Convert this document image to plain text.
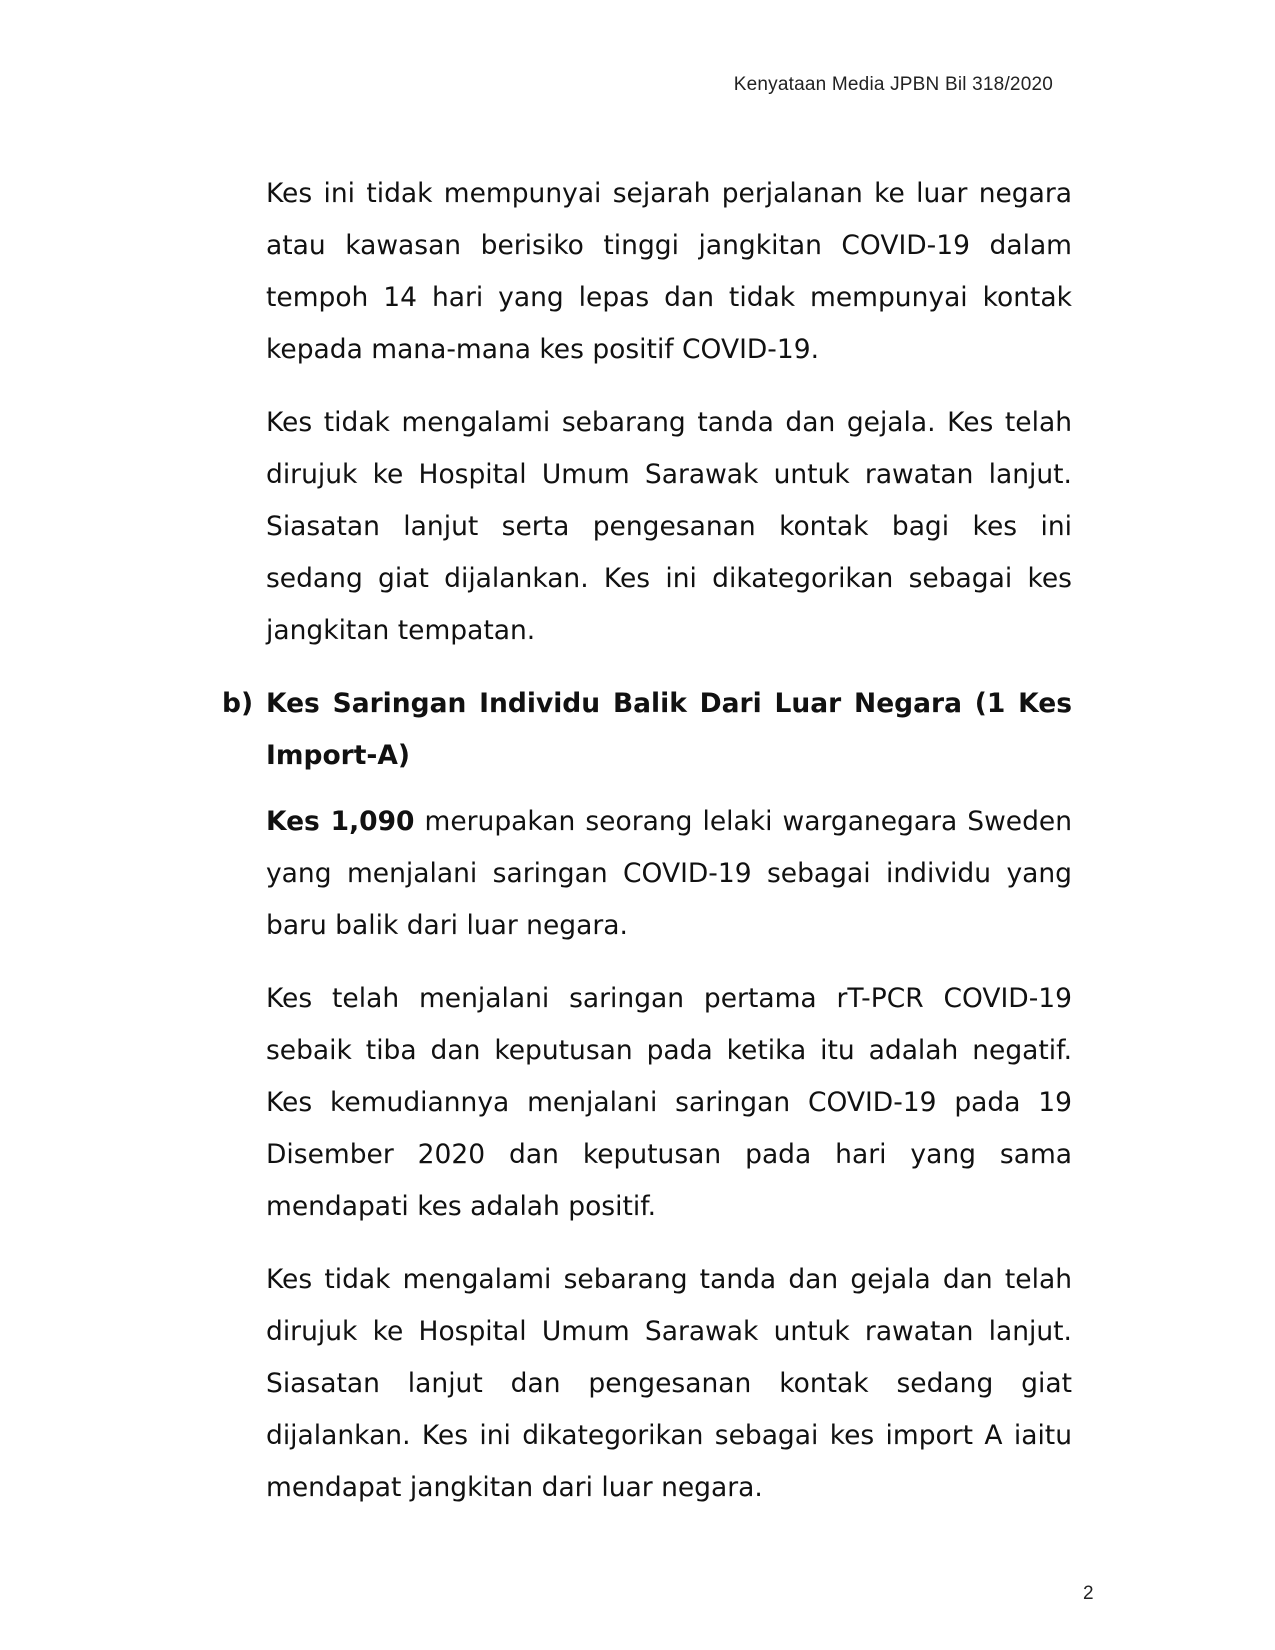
Kenyataan Media JPBN Bil 318/2020

Kes ini tidak mempunyai sejarah perjalanan ke luar negara atau kawasan berisiko tinggi jangkitan COVID-19 dalam tempoh 14 hari yang lepas dan tidak mempunyai kontak kepada mana-mana kes positif COVID-19.

Kes tidak mengalami sebarang tanda dan gejala. Kes telah dirujuk ke Hospital Umum Sarawak untuk rawatan lanjut. Siasatan lanjut serta pengesanan kontak bagi kes ini sedang giat dijalankan. Kes ini dikategorikan sebagai kes jangkitan tempatan.

b) Kes Saringan Individu Balik Dari Luar Negara (1 Kes Import-A)

Kes 1,090 merupakan seorang lelaki warganegara Sweden yang menjalani saringan COVID-19 sebagai individu yang baru balik dari luar negara.

Kes telah menjalani saringan pertama rT-PCR COVID-19 sebaik tiba dan keputusan pada ketika itu adalah negatif. Kes kemudiannya menjalani saringan COVID-19 pada 19 Disember 2020 dan keputusan pada hari yang sama mendapati kes adalah positif.

Kes tidak mengalami sebarang tanda dan gejala dan telah dirujuk ke Hospital Umum Sarawak untuk rawatan lanjut. Siasatan lanjut dan pengesanan kontak sedang giat dijalankan. Kes ini dikategorikan sebagai kes import A iaitu mendapat jangkitan dari luar negara.

2
